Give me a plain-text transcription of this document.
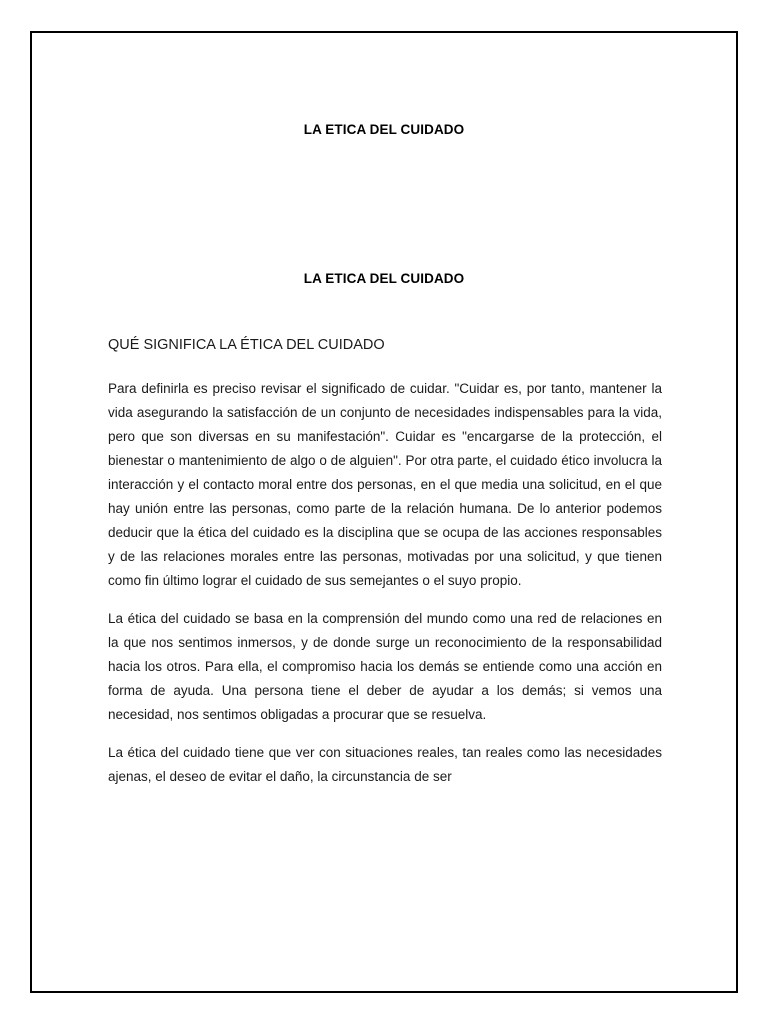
LA ETICA DEL CUIDADO
LA ETICA DEL CUIDADO
QUÉ SIGNIFICA LA ÉTICA DEL CUIDADO

Para definirla es preciso revisar el significado de cuidar. "Cuidar es, por tanto, mantener la vida asegurando la satisfacción de un conjunto de necesidades indispensables para la vida, pero que son diversas en su manifestación". Cuidar es "encargarse de la protección, el bienestar o mantenimiento de algo o de alguien". Por otra parte, el cuidado ético involucra la interacción y el contacto moral entre dos personas, en el que media una solicitud, en el que hay unión entre las personas, como parte de la relación humana. De lo anterior podemos deducir que la ética del cuidado es la disciplina que se ocupa de las acciones responsables y de las relaciones morales entre las personas, motivadas por una solicitud, y que tienen como fin último lograr el cuidado de sus semejantes o el suyo propio.

La ética del cuidado se basa en la comprensión del mundo como una red de relaciones en la que nos sentimos inmersos, y de donde surge un reconocimiento de la responsabilidad hacia los otros. Para ella, el compromiso hacia los demás se entiende como una acción en forma de ayuda. Una persona tiene el deber de ayudar a los demás; si vemos una necesidad, nos sentimos obligadas a procurar que se resuelva.

La ética del cuidado tiene que ver con situaciones reales, tan reales como las necesidades ajenas, el deseo de evitar el daño, la circunstancia de ser
